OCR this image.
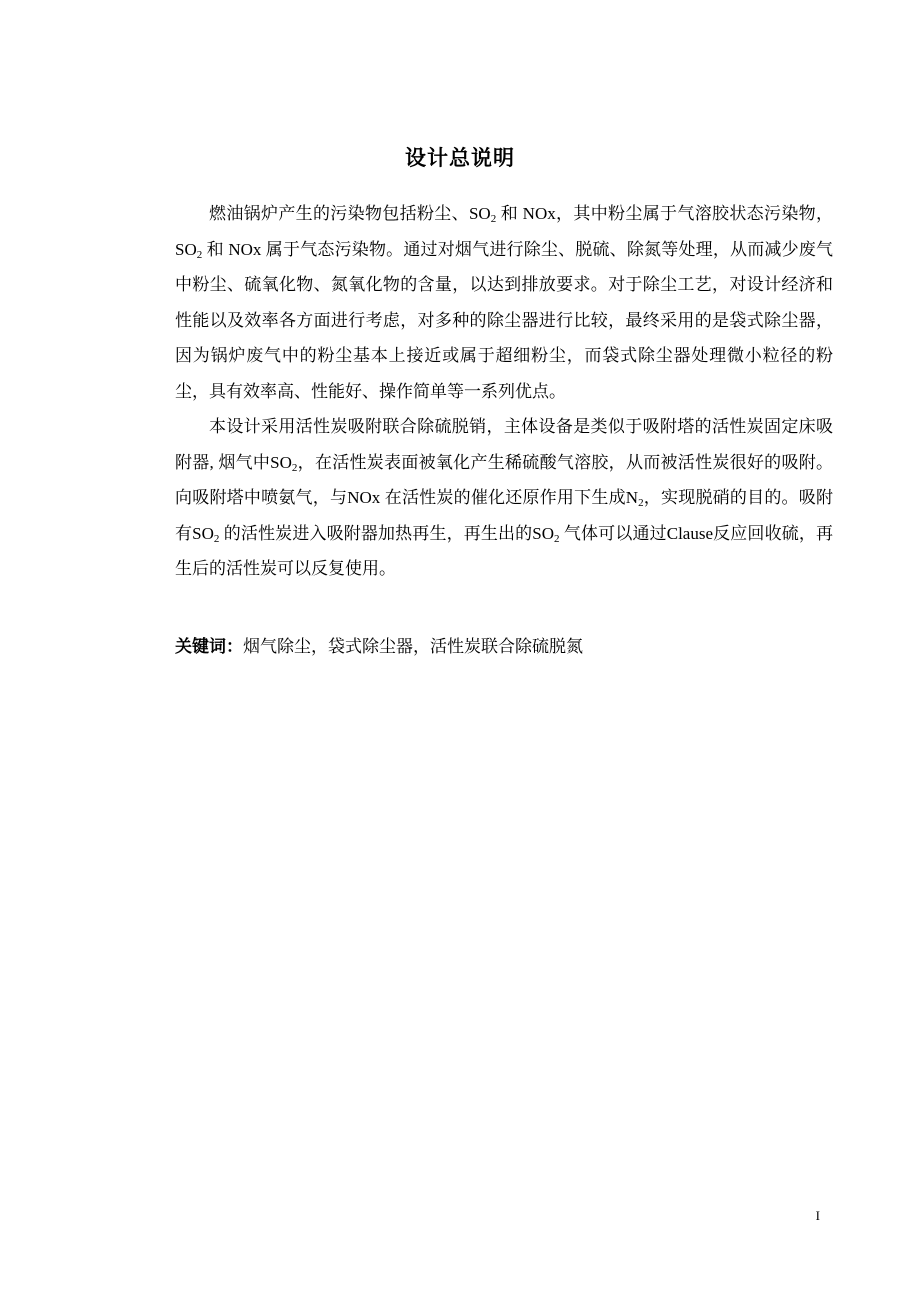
设计总说明

燃油锅炉产生的污染物包括粉尘、$SO_2$ 和 NOx，其中粉尘属于气溶胶状态污染物，$SO_2$ 和 NOx 属于气态污染物。通过对烟气进行除尘、脱硫、除氮等处理，从而减少废气中粉尘、硫氧化物、氮氧化物的含量，以达到排放要求。对于除尘工艺，对设计经济和性能以及效率各方面进行考虑，对多种的除尘器进行比较，最终采用的是袋式除尘器，因为锅炉废气中的粉尘基本上接近或属于超细粉尘，而袋式除尘器处理微小粒径的粉尘，具有效率高、性能好、操作简单等一系列优点。

本设计采用活性炭吸附联合除硫脱销，主体设备是类似于吸附塔的活性炭固定床吸附器, 烟气中$SO_2$，在活性炭表面被氧化产生稀硫酸气溶胶，从而被活性炭很好的吸附。向吸附塔中喷氨气，与NOx 在活性炭的催化还原作用下生成$N_2$，实现脱硝的目的。吸附有$SO_2$ 的活性炭进入吸附器加热再生，再生出的$SO_2$ 气体可以通过Clause反应回收硫，再生后的活性炭可以反复使用。

关键词：烟气除尘，袋式除尘器，活性炭联合除硫脱氮
I
